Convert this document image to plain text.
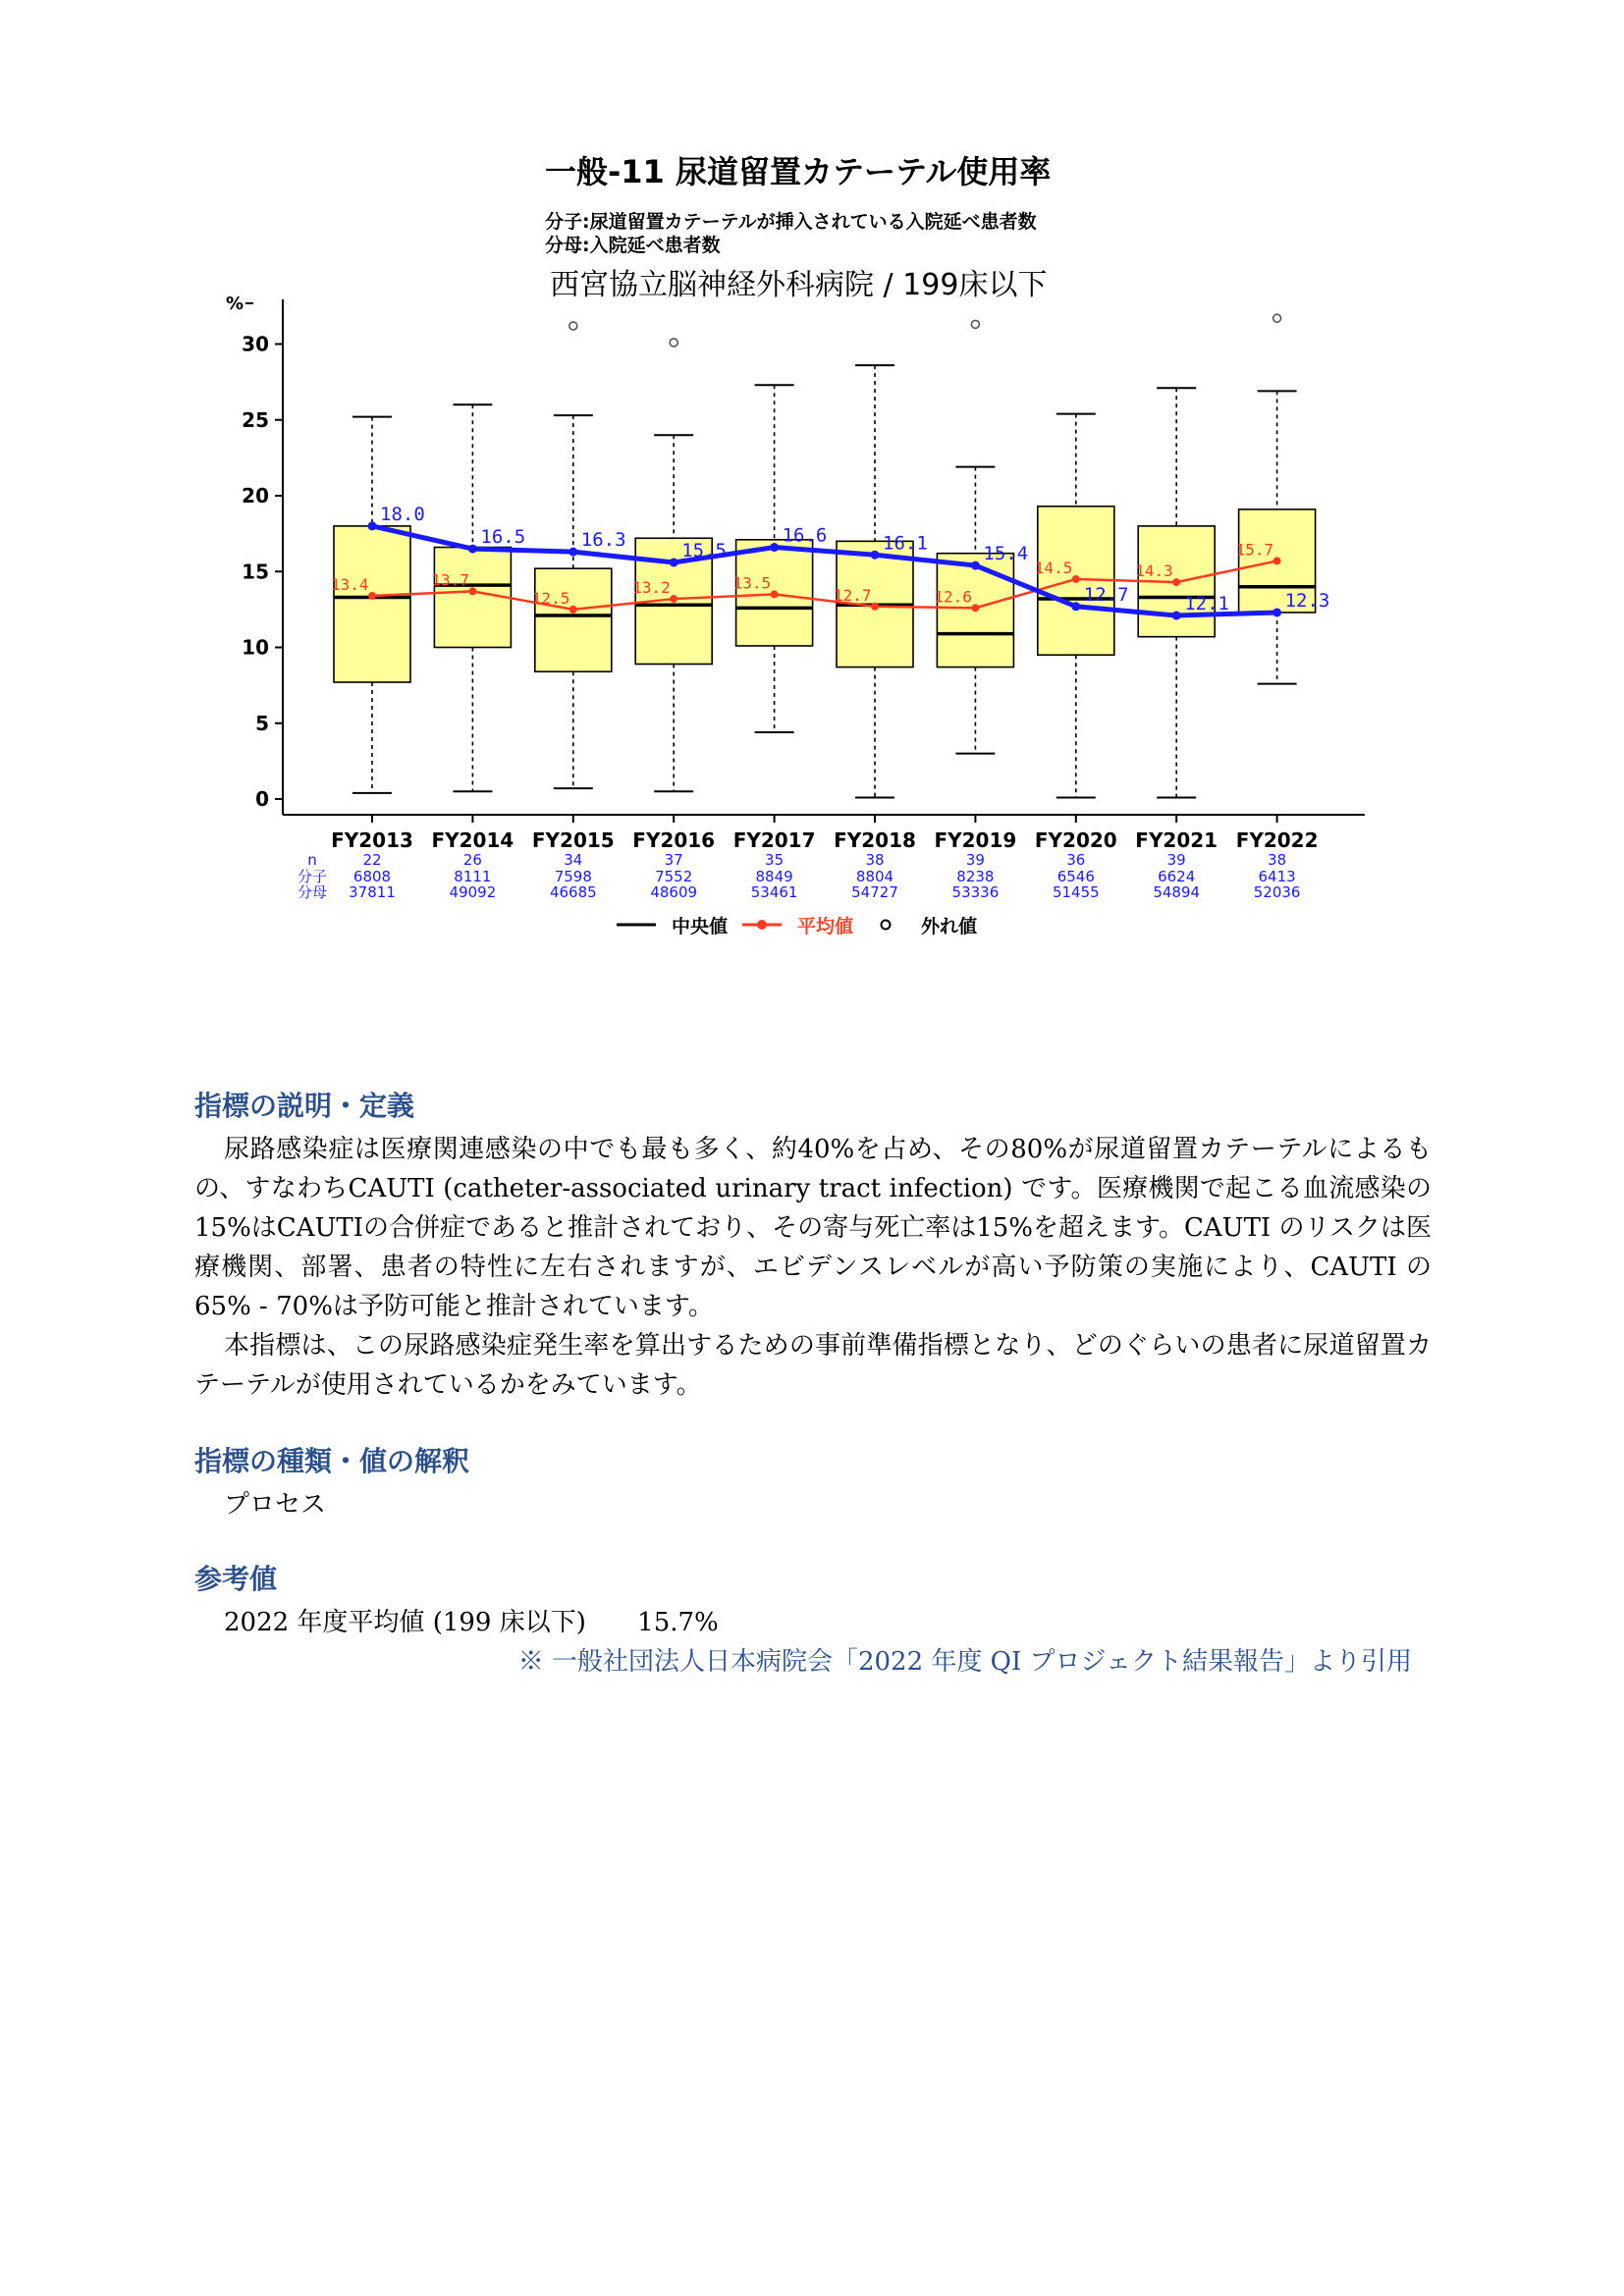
一般-11 尿道留置カテーテル使用率
分子:尿道留置カテーテルが挿入されている入院延べ患者数
分母:入院延べ患者数
西宮協立脳神経外科病院 / 199床以下
%
0
5
10
15
20
25
30
FY2013 FY2014 FY2015 FY2016 FY2017 FY2018 FY2019 FY2020 FY2021 FY2022
13.4	13.7
12.5
13.2	13.5
12.7	12.6
14.5	14.3
15.7
18.0
16.5	16.3	15.5
16.6	16.1	15.4
12.7	12.1	12.3
n
分子
分母
22	26	34	37	35	38	39	36	39	38
6808	8111	7598	7552	8849	8804	8238	6546	6624	6413
37811	49092	46685	48609	53461	54727	53336	51455	54894	52036
中央値	平均値	外れ値
指標の説明・定義

尿路感染症は医療関連感染の中でも最も多く、約40%を占め、その80%が尿道留置カテーテルによるもの、すなわちCAUTI (catheter-associated urinary tract infection) です。医療機関で起こる血流感染の15%はCAUTIの合併症であると推計されており、その寄与死亡率は15%を超えます。CAUTI のリスクは医療機関、部署、患者の特性に左右されますが、エビデンスレベルが高い予防策の実施により、CAUTI の65% - 70%は予防可能と推計されています。

本指標は、この尿路感染症発生率を算出するための事前準備指標となり、どのぐらいの患者に尿道留置カテーテルが使用されているかをみています。

指標の種類・値の解釈

プロセス

参考値

2022 年度平均値 (199 床以下) 15.7%

※ 一般社団法人日本病院会「2022 年度 QI プロジェクト結果報告」より引用
